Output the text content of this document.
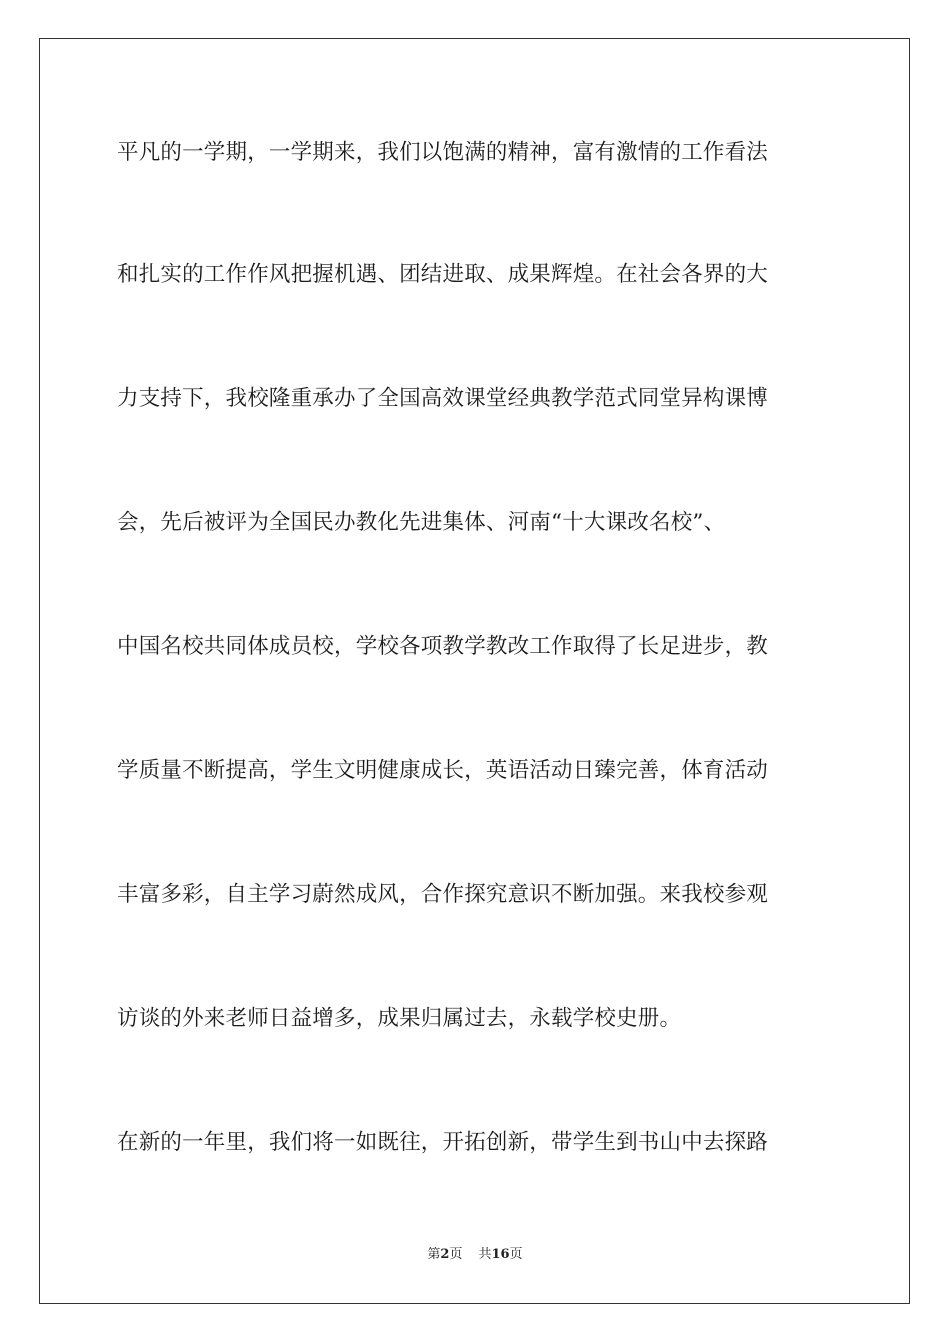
平凡的一学期，一学期来，我们以饱满的精神，富有激情的工作看法
和扎实的工作作风把握机遇、团结进取、成果辉煌。在社会各界的大
力支持下，我校隆重承办了全国高效课堂经典教学范式同堂异构课博
会，先后被评为全国民办教化先进集体、河南“十大课改名校”、
中国名校共同体成员校，学校各项教学教改工作取得了长足进步，教
学质量不断提高，学生文明健康成长，英语活动日臻完善，体育活动
丰富多彩，自主学习蔚然成风，合作探究意识不断加强。来我校参观
访谈的外来老师日益增多，成果归属过去，永载学校史册。
在新的一年里，我们将一如既往，开拓创新，带学生到书山中去探路
第2页 共16页
